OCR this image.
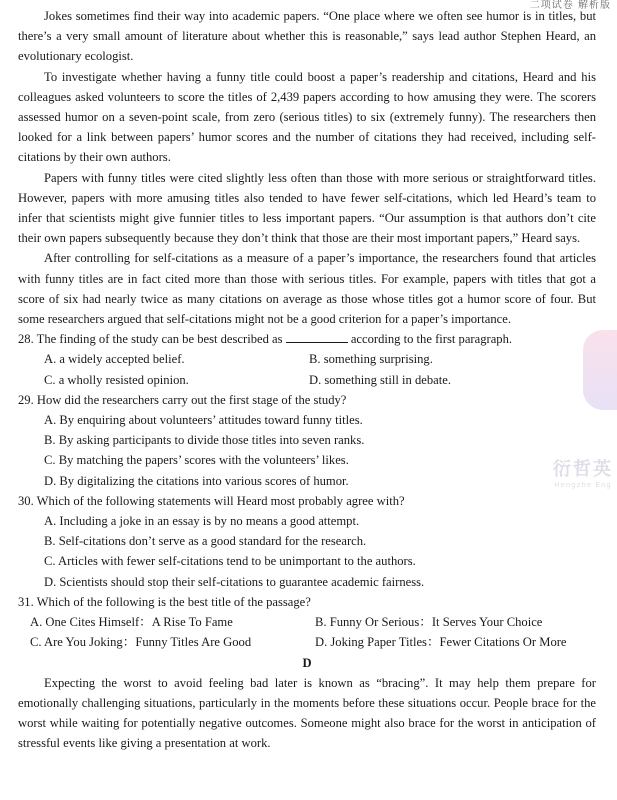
二项试卷 解析版
衍哲英
Hengzhe Eng

Jokes sometimes find their way into academic papers. “One place where we often see humor is in titles, but there’s a very small amount of literature about whether this is reasonable,” says lead author Stephen Heard, an evolutionary ecologist.

To investigate whether having a funny title could boost a paper’s readership and citations, Heard and his colleagues asked volunteers to score the titles of 2,439 papers according to how amusing they were. The scorers assessed humor on a seven-point scale, from zero (serious titles) to six (extremely funny). The researchers then looked for a link between papers’ humor scores and the number of citations they had received, including self-citations by their own authors.

Papers with funny titles were cited slightly less often than those with more serious or straightforward titles. However, papers with more amusing titles also tended to have fewer self-citations, which led Heard’s team to infer that scientists might give funnier titles to less important papers. “Our assumption is that authors don’t cite their own papers subsequently because they don’t think that those are their most important papers,” Heard says.

After controlling for self-citations as a measure of a paper’s importance, the researchers found that articles with funny titles are in fact cited more than those with serious titles. For example, papers with titles that got a score of six had nearly twice as many citations on average as those whose titles got a humor score of four. But some researchers argued that self-citations might not be a good criterion for a paper’s importance.

28. The finding of the study can be best described as	according to the first paragraph.

A. a widely accepted belief.	B. something surprising.
C. a wholly resisted opinion.	D. something still in debate.

29. How did the researchers carry out the first stage of the study?

A. By enquiring about volunteers’ attitudes toward funny titles.

B. By asking participants to divide those titles into seven ranks.

C. By matching the papers’ scores with the volunteers’ likes.

D. By digitalizing the citations into various scores of humor.

30. Which of the following statements will Heard most probably agree with?

A. Including a joke in an essay is by no means a good attempt.

B. Self-citations don’t serve as a good standard for the research.

C. Articles with fewer self-citations tend to be unimportant to the authors.

D. Scientists should stop their self-citations to guarantee academic fairness.

31. Which of the following is the best title of the passage?

A. One Cites Himself：A Rise To Fame	B. Funny Or Serious：It Serves Your Choice
C. Are You Joking：Funny Titles Are Good	D. Joking Paper Titles：Fewer Citations Or More

D

Expecting the worst to avoid feeling bad later is known as “bracing”. It may help them prepare for emotionally challenging situations, particularly in the moments before these situations occur. People brace for the worst while waiting for potentially negative outcomes. Someone might also brace for the worst in anticipation of stressful events like giving a presentation at work.
